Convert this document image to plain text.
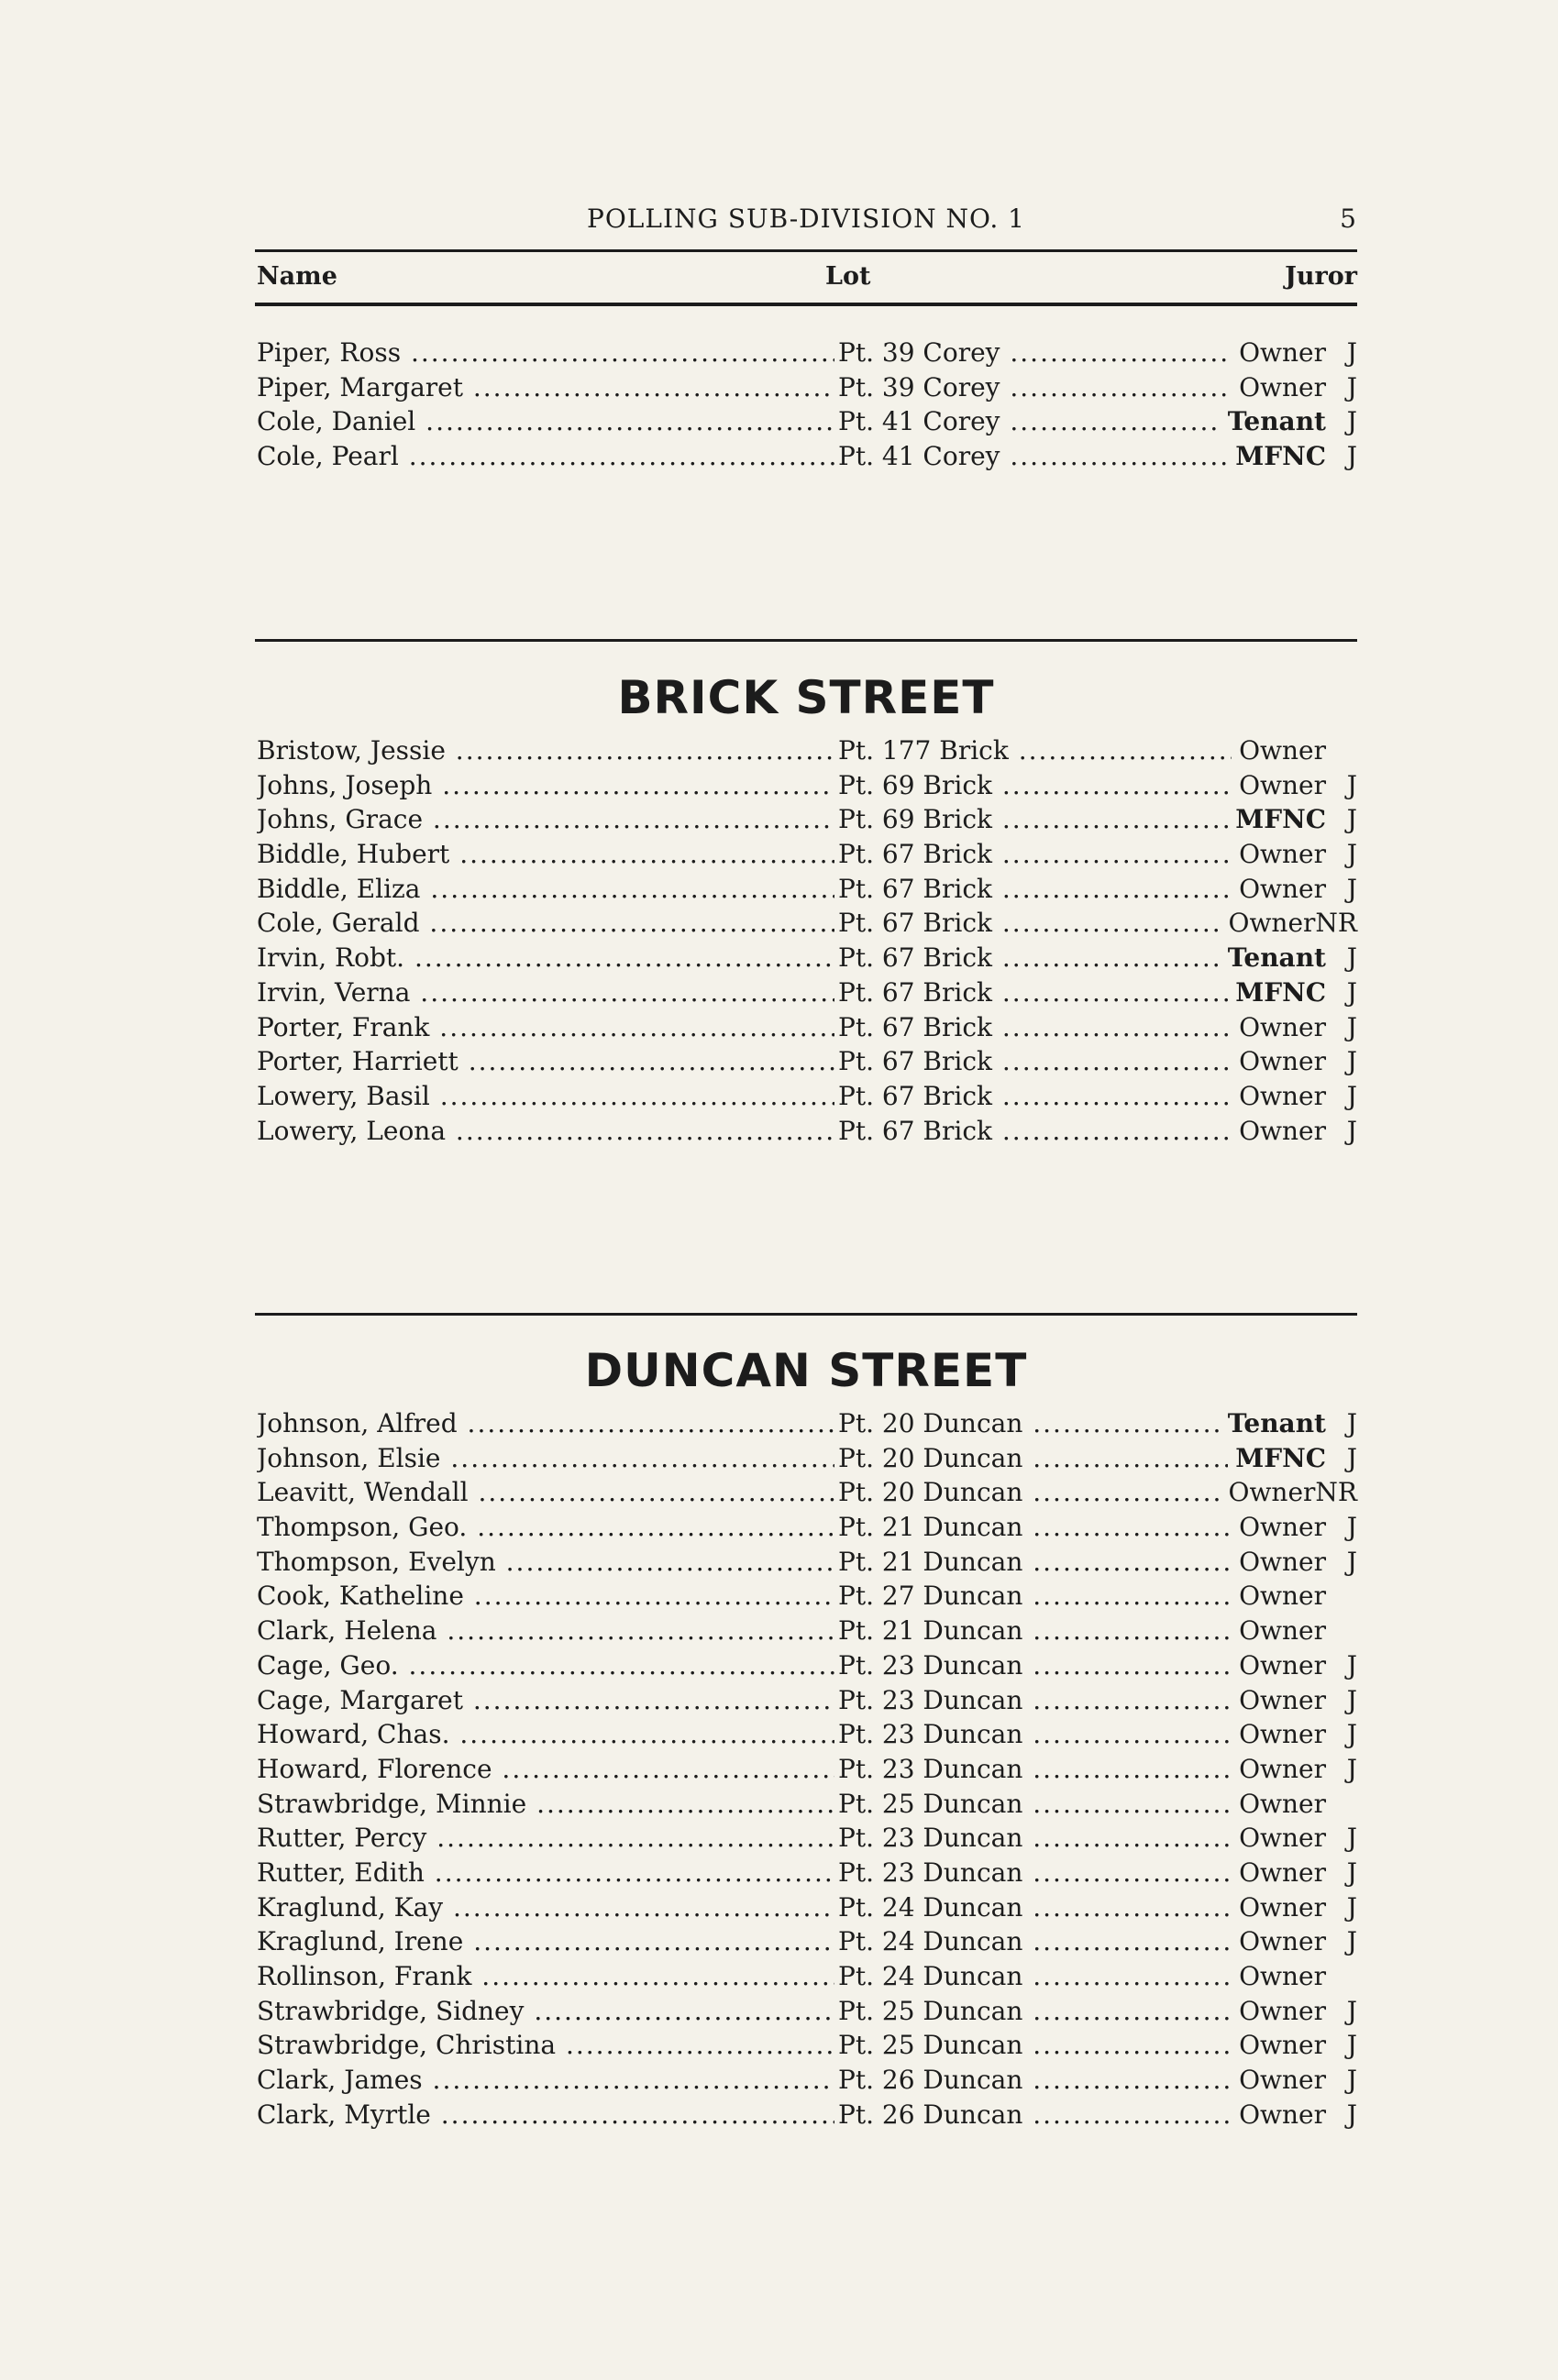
POLLING SUB-DIVISION NO. 1	5
Name	Lot	Juror
Piper, Ross .....	Pt. 39 Corey .....	Owner J
Piper, Margaret .....	Pt. 39 Corey .....	Owner J
Cole, Daniel .....	Pt. 41 Corey .....	Tenant J
Cole, Pearl .....	Pt. 41 Corey .....	MFNC J
BRICK STREET
Bristow, Jessie .....	Pt. 177 Brick .....	Owner
Johns, Joseph .....	Pt. 69 Brick .....	Owner J
Johns, Grace .....	Pt. 69 Brick .....	MFNC J
Biddle, Hubert .....	Pt. 67 Brick .....	Owner J
Biddle, Eliza .....	Pt. 67 Brick .....	Owner J
Cole, Gerald .....	Pt. 67 Brick .....	OwnerNR
Irvin, Robt. .....	Pt. 67 Brick .....	Tenant J
Irvin, Verna .....	Pt. 67 Brick .....	MFNC J
Porter, Frank .....	Pt. 67 Brick .....	Owner J
Porter, Harriett .....	Pt. 67 Brick .....	Owner J
Lowery, Basil .....	Pt. 67 Brick .....	Owner J
Lowery, Leona .....	Pt. 67 Brick .....	Owner J
DUNCAN STREET
Johnson, Alfred .....	Pt. 20 Duncan .....	Tenant J
Johnson, Elsie .....	Pt. 20 Duncan .....	MFNC J
Leavitt, Wendall .....	Pt. 20 Duncan .....	OwnerNR
Thompson, Geo. .....	Pt. 21 Duncan .....	Owner J
Thompson, Evelyn .....	Pt. 21 Duncan .....	Owner J
Cook, Katheline .....	Pt. 27 Duncan .....	Owner
Clark, Helena .....	Pt. 21 Duncan .....	Owner
Cage, Geo. .....	Pt. 23 Duncan .....	Owner J
Cage, Margaret .....	Pt. 23 Duncan .....	Owner J
Howard, Chas. .....	Pt. 23 Duncan .....	Owner J
Howard, Florence .....	Pt. 23 Duncan .....	Owner J
Strawbridge, Minnie .....	Pt. 25 Duncan .....	Owner
Rutter, Percy .....	Pt. 23 Duncan .....	Owner J
Rutter, Edith .....	Pt. 23 Duncan .....	Owner J
Kraglund, Kay .....	Pt. 24 Duncan .....	Owner J
Kraglund, Irene .....	Pt. 24 Duncan .....	Owner J
Rollinson, Frank .....	Pt. 24 Duncan .....	Owner
Strawbridge, Sidney .....	Pt. 25 Duncan .....	Owner J
Strawbridge, Christina .....	Pt. 25 Duncan .....	Owner J
Clark, James .....	Pt. 26 Duncan .....	Owner J
Clark, Myrtle .....	Pt. 26 Duncan .....	Owner J
